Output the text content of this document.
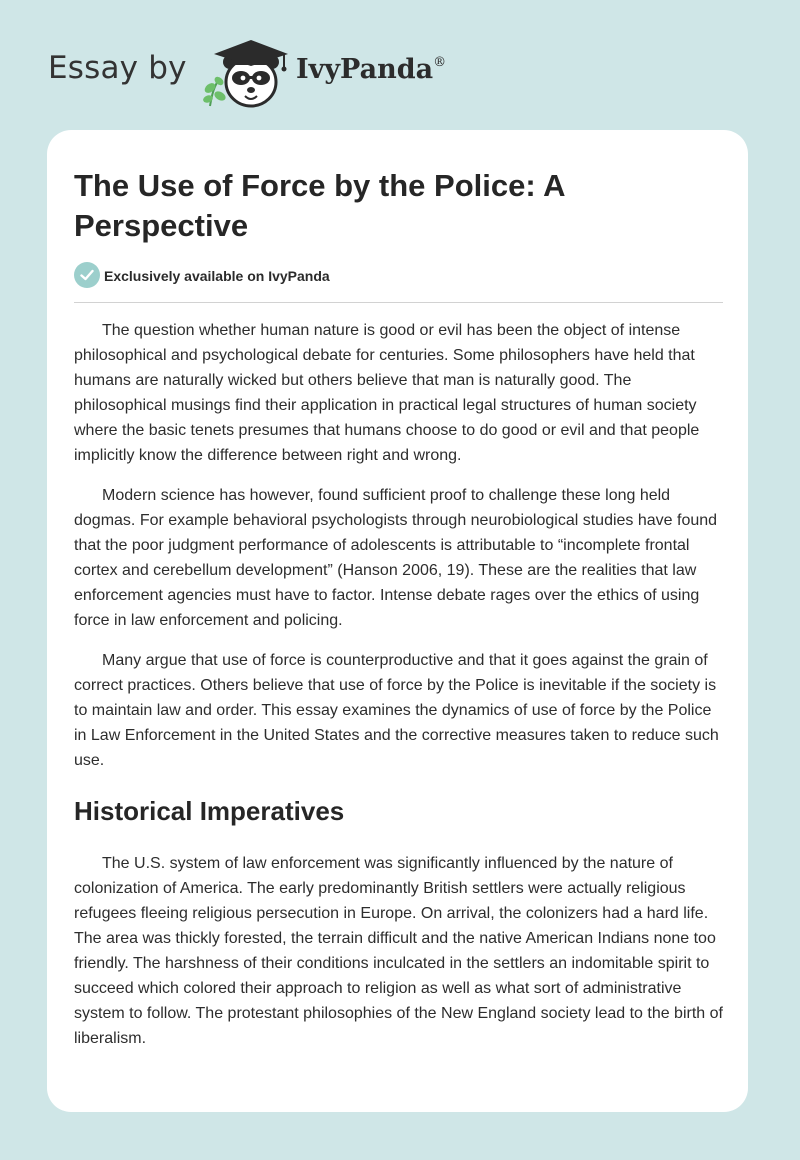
Essay by	IvyPanda®
The Use of Force by the Police: A Perspective
Exclusively available on IvyPanda

The question whether human nature is good or evil has been the object of intense philosophical and psychological debate for centuries. Some philosophers have held that humans are naturally wicked but others believe that man is naturally good. The philosophical musings find their application in practical legal structures of human society where the basic tenets presumes that humans choose to do good or evil and that people implicitly know the difference between right and wrong.

Modern science has however, found sufficient proof to challenge these long held dogmas. For example behavioral psychologists through neurobiological studies have found that the poor judgment performance of adolescents is attributable to “incomplete frontal cortex and cerebellum development” (Hanson 2006, 19). These are the realities that law enforcement agencies must have to factor. Intense debate rages over the ethics of using force in law enforcement and policing.

Many argue that use of force is counterproductive and that it goes against the grain of correct practices. Others believe that use of force by the Police is inevitable if the society is to maintain law and order. This essay examines the dynamics of use of force by the Police in Law Enforcement in the United States and the corrective measures taken to reduce such use.

Historical Imperatives

The U.S. system of law enforcement was significantly influenced by the nature of colonization of America. The early predominantly British settlers were actually religious refugees fleeing religious persecution in Europe. On arrival, the colonizers had a hard life. The area was thickly forested, the terrain difficult and the native American Indians none too friendly. The harshness of their conditions inculcated in the settlers an indomitable spirit to succeed which colored their approach to religion as well as what sort of administrative system to follow. The protestant philosophies of the New England society lead to the birth of liberalism.
